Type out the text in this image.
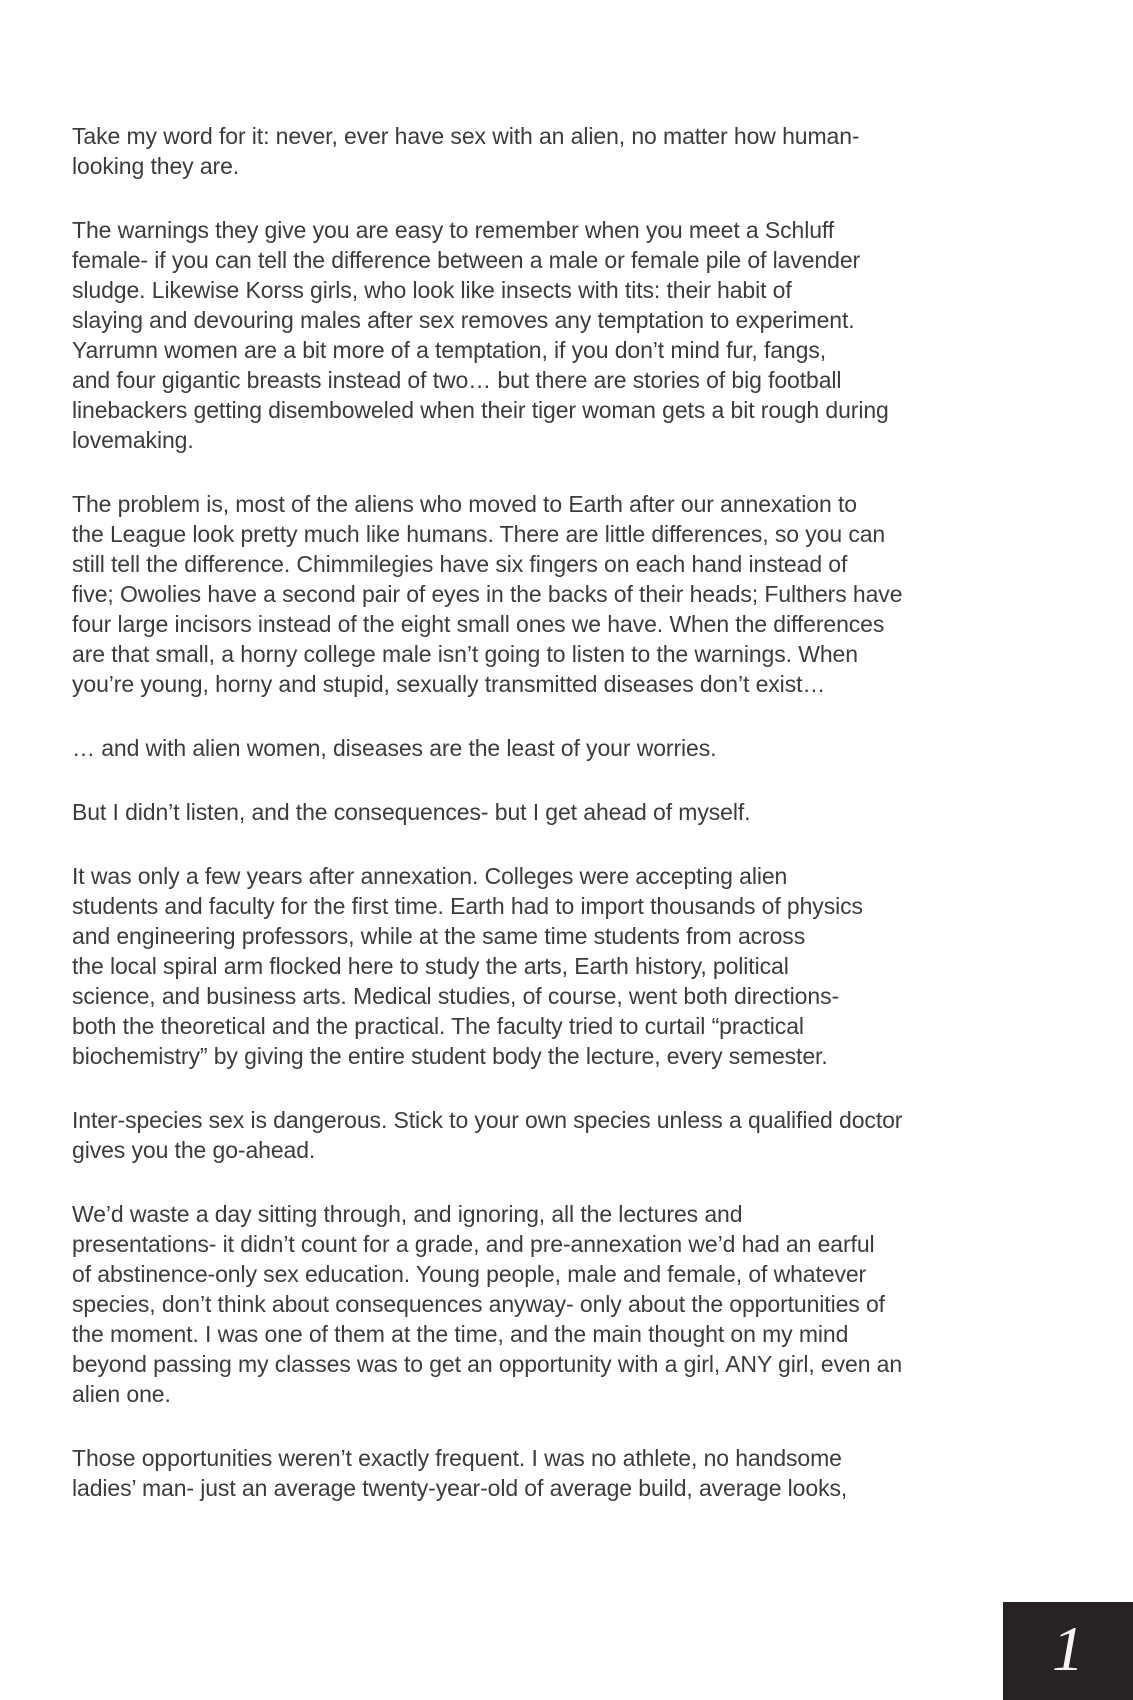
Take my word for it: never, ever have sex with an alien, no matter how human-
looking they are.
The warnings they give you are easy to remember when you meet a Schluff
female- if you can tell the difference between a male or female pile of lavender
sludge. Likewise Korss girls, who look like insects with tits: their habit of
slaying and devouring males after sex removes any temptation to experiment.
Yarrumn women are a bit more of a temptation, if you don’t mind fur, fangs,
and four gigantic breasts instead of two… but there are stories of big football
linebackers getting disemboweled when their tiger woman gets a bit rough during
lovemaking.
The problem is, most of the aliens who moved to Earth after our annexation to
the League look pretty much like humans. There are little differences, so you can
still tell the difference. Chimmilegies have six fingers on each hand instead of
five; Owolies have a second pair of eyes in the backs of their heads; Fulthers have
four large incisors instead of the eight small ones we have. When the differences
are that small, a horny college male isn’t going to listen to the warnings. When
you’re young, horny and stupid, sexually transmitted diseases don’t exist…
… and with alien women, diseases are the least of your worries.
But I didn’t listen, and the consequences- but I get ahead of myself.
It was only a few years after annexation. Colleges were accepting alien
students and faculty for the first time. Earth had to import thousands of physics
and engineering professors, while at the same time students from across
the local spiral arm flocked here to study the arts, Earth history, political
science, and business arts. Medical studies, of course, went both directions-
both the theoretical and the practical. The faculty tried to curtail “practical
biochemistry” by giving the entire student body the lecture, every semester.
Inter-species sex is dangerous. Stick to your own species unless a qualified doctor
gives you the go-ahead.
We’d waste a day sitting through, and ignoring, all the lectures and
presentations- it didn’t count for a grade, and pre-annexation we’d had an earful
of abstinence-only sex education. Young people, male and female, of whatever
species, don’t think about consequences anyway- only about the opportunities of
the moment. I was one of them at the time, and the main thought on my mind
beyond passing my classes was to get an opportunity with a girl, ANY girl, even an
alien one.
Those opportunities weren’t exactly frequent. I was no athlete, no handsome
ladies’ man- just an average twenty-year-old of average build, average looks,
1
